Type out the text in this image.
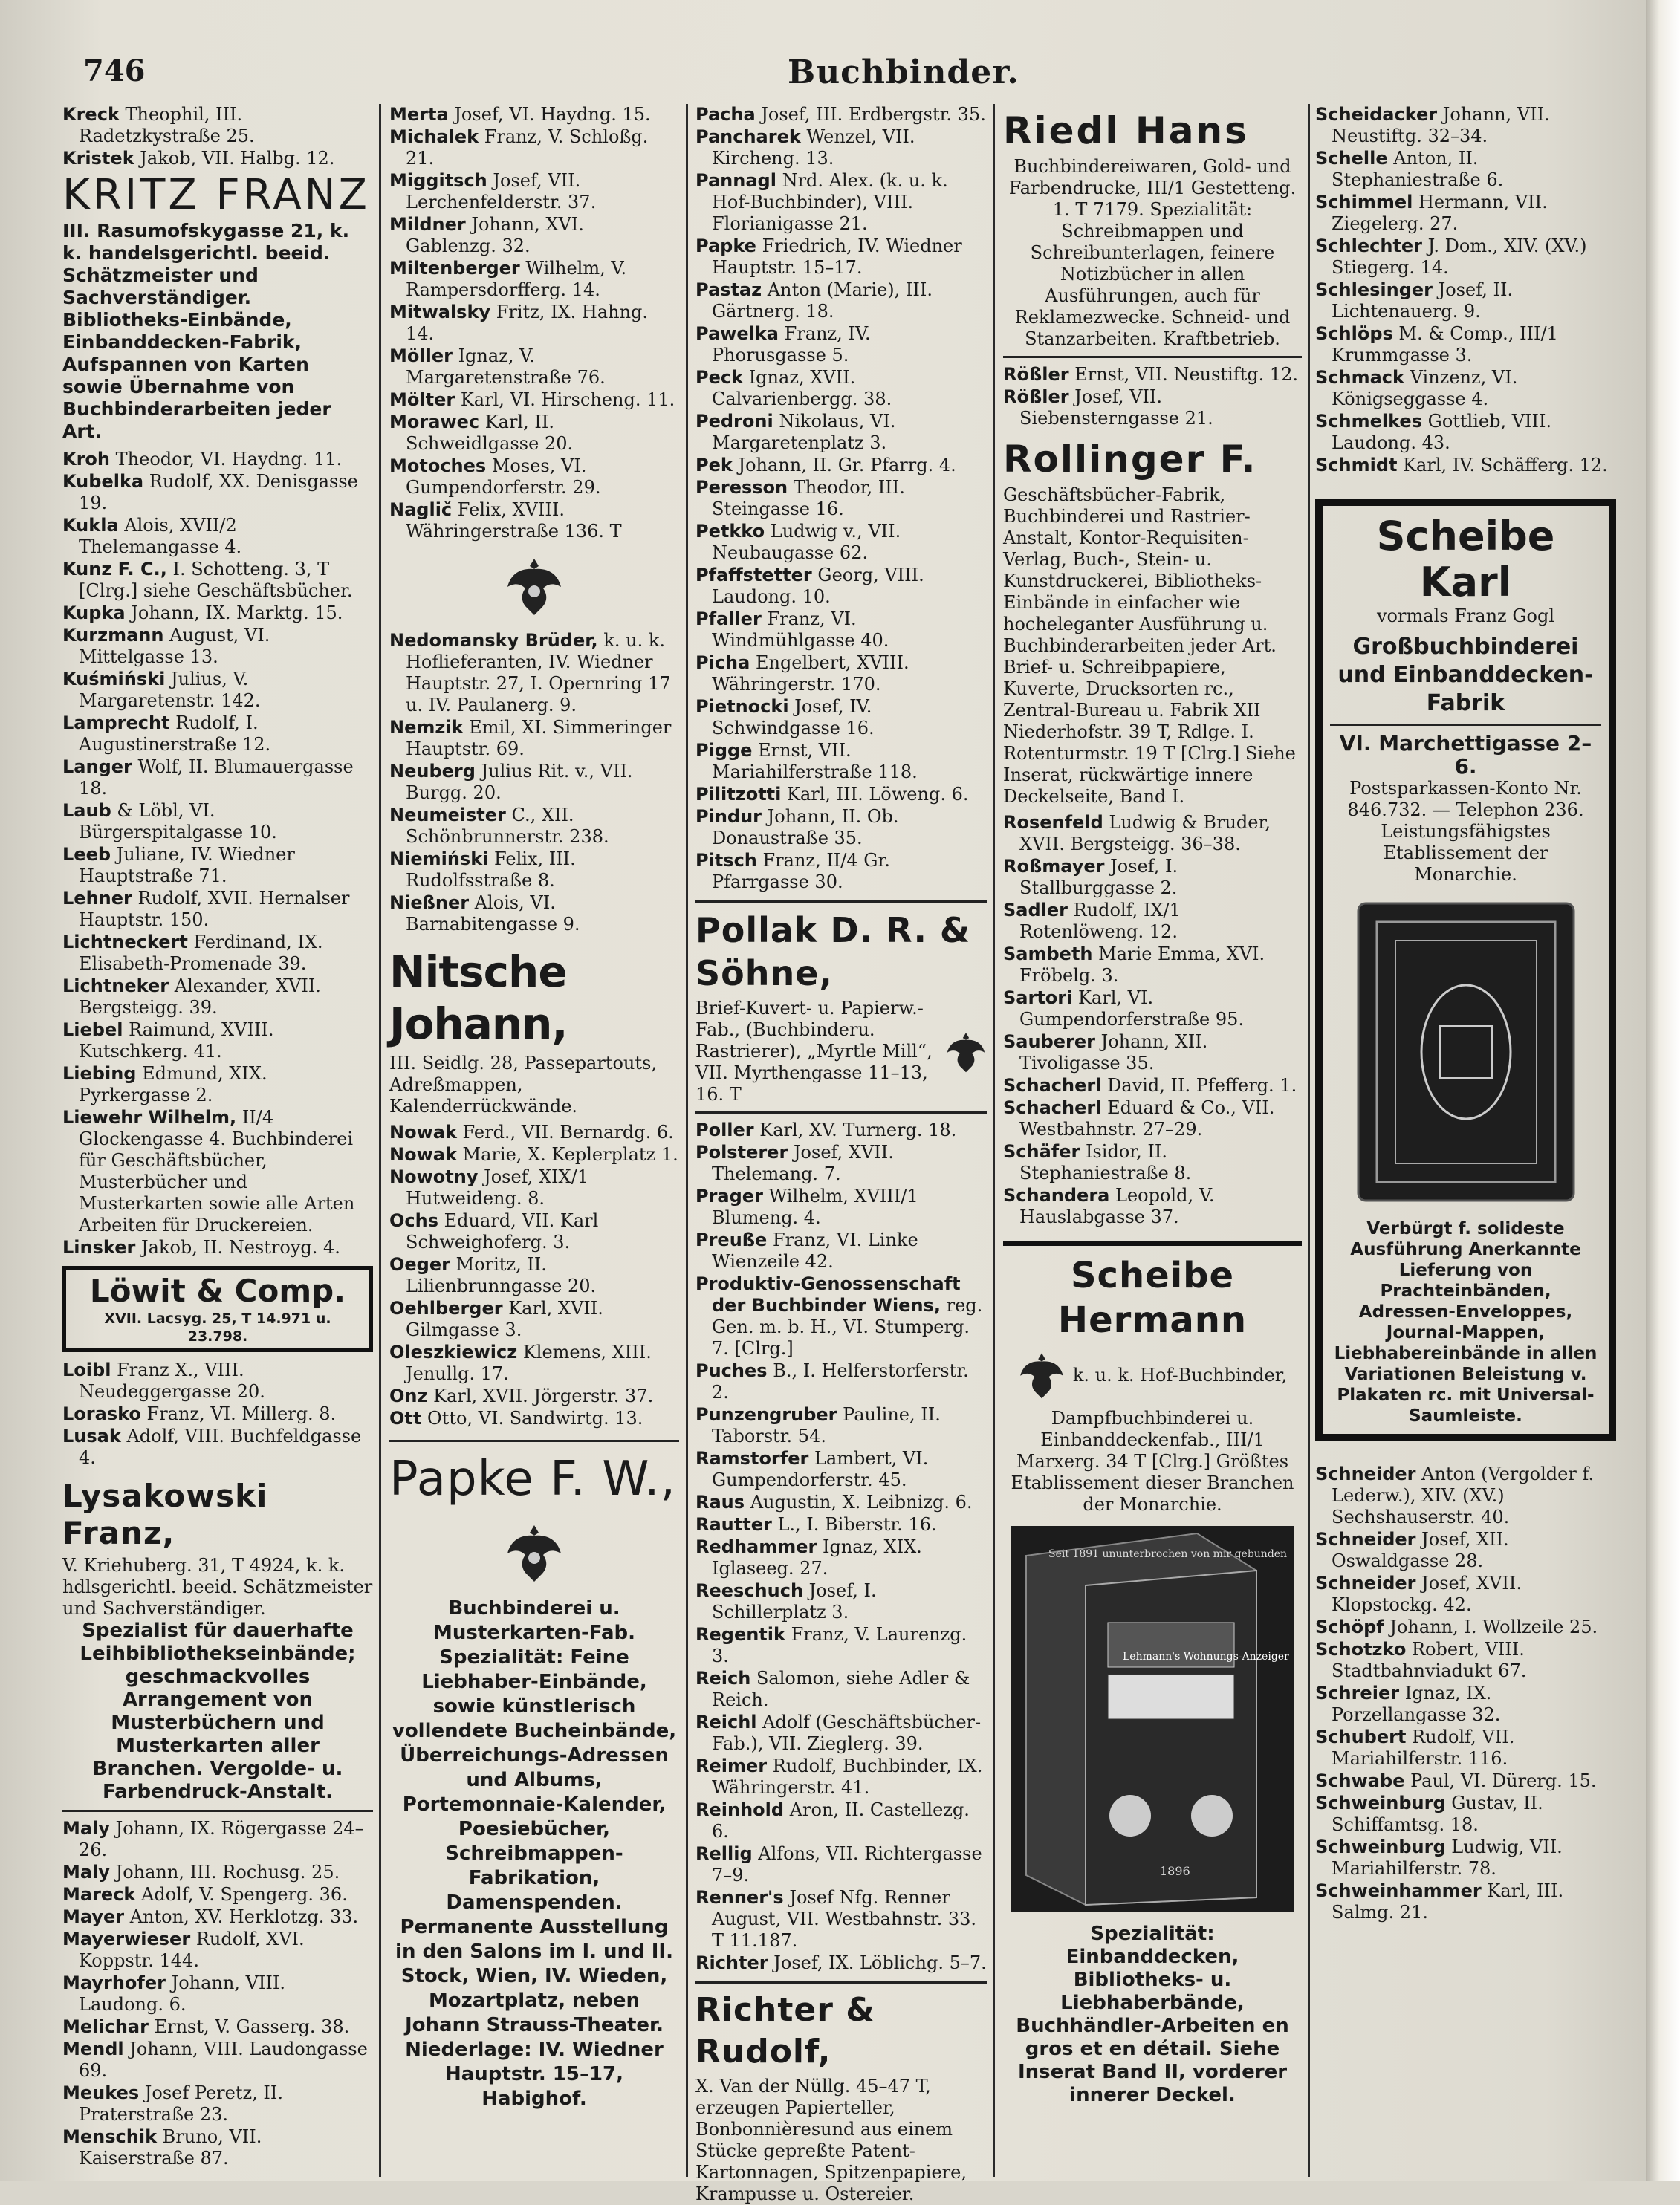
746	Buchbinder.
Kreck Theophil, III. Radetzkystraße 25.
Kristek Jakob, VII. Halbg. 12.
KRITZ FRANZ
III. Rasumofskygasse 21, k. k. handelsgerichtl. beeid. Schätzmeister und Sachverständiger. Bibliotheks-Einbände, Einbanddecken-Fabrik, Aufspannen von Karten sowie Übernahme von Buchbinderarbeiten jeder Art.
Kroh Theodor, VI. Haydng. 11.
Kubelka Rudolf, XX. Denisgasse 19.
Kukla Alois, XVII/2 Thelemangasse 4.
Kunz F. C., I. Schotteng. 3, T [Clrg.] siehe Geschäftsbücher.
Kupka Johann, IX. Marktg. 15.
Kurzmann August, VI. Mittelgasse 13.
Kuśmiński Julius, V. Margaretenstr. 142.
Lamprecht Rudolf, I. Augustinerstraße 12.
Langer Wolf, II. Blumauergasse 18.
Laub & Löbl, VI. Bürgerspitalgasse 10.
Leeb Juliane, IV. Wiedner Hauptstraße 71.
Lehner Rudolf, XVII. Hernalser Hauptstr. 150.
Lichtneckert Ferdinand, IX. Elisabeth-Promenade 39.
Lichtneker Alexander, XVII. Bergsteigg. 39.
Liebel Raimund, XVIII. Kutschkerg. 41.
Liebing Edmund, XIX. Pyrkergasse 2.
Liewehr Wilhelm, II/4 Glockengasse 4. Buchbinderei für Geschäftsbücher, Musterbücher und Musterkarten sowie alle Arten Arbeiten für Druckereien.
Linsker Jakob, II. Nestroyg. 4.
Löwit & Comp.
XVII. Lacsyg. 25, T 14.971 u. 23.798.
Loibl Franz X., VIII. Neudeggergasse 20.
Lorasko Franz, VI. Millerg. 8.
Lusak Adolf, VIII. Buchfeldgasse 4.
Lysakowski Franz,
V. Kriehuberg. 31, T 4924, k. k. hdlsgerichtl. beeid. Schätzmeister und Sachverständiger.
Spezialist für dauerhafte Leihbibliothekseinbände; geschmackvolles Arrangement von Musterbüchern und Musterkarten aller Branchen. Vergolde- u. Farbendruck-Anstalt.
Maly Johann, IX. Rögergasse 24–26.
Maly Johann, III. Rochusg. 25.
Mareck Adolf, V. Spengerg. 36.
Mayer Anton, XV. Herklotzg. 33.
Mayerwieser Rudolf, XVI. Koppstr. 144.
Mayrhofer Johann, VIII. Laudong. 6.
Melichar Ernst, V. Gasserg. 38.
Mendl Johann, VIII. Laudongasse 69.
Meukes Josef Peretz, II. Praterstraße 23.
Menschik Bruno, VII. Kaiserstraße 87.
Merta Josef, VI. Haydng. 15.
Michalek Franz, V. Schloßg. 21.
Miggitsch Josef, VII. Lerchenfelderstr. 37.
Mildner Johann, XVI. Gablenzg. 32.
Miltenberger Wilhelm, V. Rampersdorfferg. 14.
Mitwalsky Fritz, IX. Hahng. 14.
Möller Ignaz, V. Margaretenstraße 76.
Mölter Karl, VI. Hirscheng. 11.
Morawec Karl, II. Schweidlgasse 20.
Motoches Moses, VI. Gumpendorferstr. 29.
Naglič Felix, XVIII. Währingerstraße 136. T
Nedomansky Brüder, k. u. k. Hoflieferanten, IV. Wiedner Hauptstr. 27, I. Opernring 17 u. IV. Paulanerg. 9.
Nemzik Emil, XI. Simmeringer Hauptstr. 69.
Neuberg Julius Rit. v., VII. Burgg. 20.
Neumeister C., XII. Schönbrunnerstr. 238.
Niemiński Felix, III. Rudolfsstraße 8.
Nießner Alois, VI. Barnabitengasse 9.
Nitsche Johann,
III. Seidlg. 28, Passepartouts, Adreßmappen, Kalenderrückwände.
Nowak Ferd., VII. Bernardg. 6.
Nowak Marie, X. Keplerplatz 1.
Nowotny Josef, XIX/1 Hutweideng. 8.
Ochs Eduard, VII. Karl Schweighoferg. 3.
Oeger Moritz, II. Lilienbrunngasse 20.
Oehlberger Karl, XVII. Gilmgasse 3.
Oleszkiewicz Klemens, XIII. Jenullg. 17.
Onz Karl, XVII. Jörgerstr. 37.
Ott Otto, VI. Sandwirtg. 13.
Papke F. W.,
Buchbinderei u. Musterkarten-Fab. Spezialität: Feine Liebhaber-Einbände, sowie künstlerisch vollendete Bucheinbände, Überreichungs-Adressen und Albums, Portemonnaie-Kalender, Poesiebücher, Schreibmappen-Fabrikation, Damenspenden. Permanente Ausstellung in den Salons im I. und II. Stock, Wien, IV. Wieden, Mozartplatz, neben Johann Strauss-Theater. Niederlage: IV. Wiedner Hauptstr. 15–17, Habighof.
Pacha Josef, III. Erdbergstr. 35.
Pancharek Wenzel, VII. Kircheng. 13.
Pannagl Nrd. Alex. (k. u. k. Hof-Buchbinder), VIII. Florianigasse 21.
Papke Friedrich, IV. Wiedner Hauptstr. 15–17.
Pastaz Anton (Marie), III. Gärtnerg. 18.
Pawelka Franz, IV. Phorusgasse 5.
Peck Ignaz, XVII. Calvarienbergg. 38.
Pedroni Nikolaus, VI. Margaretenplatz 3.
Pek Johann, II. Gr. Pfarrg. 4.
Peresson Theodor, III. Steingasse 16.
Petkko Ludwig v., VII. Neubaugasse 62.
Pfaffstetter Georg, VIII. Laudong. 10.
Pfaller Franz, VI. Windmühlgasse 40.
Picha Engelbert, XVIII. Währingerstr. 170.
Pietnocki Josef, IV. Schwindgasse 16.
Pigge Ernst, VII. Mariahilferstraße 118.
Pilitzotti Karl, III. Löweng. 6.
Pindur Johann, II. Ob. Donaustraße 35.
Pitsch Franz, II/4 Gr. Pfarrgasse 30.
Pollak D. R. & Söhne,
Brief-Kuvert- u. Papierw.-Fab., (Buchbinderu. Rastrierer), „Myrtle Mill“, VII. Myrthengasse 11–13, 16. T
Poller Karl, XV. Turnerg. 18.
Polsterer Josef, XVII. Thelemang. 7.
Prager Wilhelm, XVIII/1 Blumeng. 4.
Preuße Franz, VI. Linke Wienzeile 42.
Produktiv-Genossenschaft der Buchbinder Wiens, reg. Gen. m. b. H., VI. Stumperg. 7. [Clrg.]
Puches B., I. Helferstorferstr. 2.
Punzengruber Pauline, II. Taborstr. 54.
Ramstorfer Lambert, VI. Gumpendorferstr. 45.
Raus Augustin, X. Leibnizg. 6.
Rautter L., I. Biberstr. 16.
Redhammer Ignaz, XIX. Iglaseeg. 27.
Reeschuch Josef, I. Schillerplatz 3.
Regentik Franz, V. Laurenzg. 3.
Reich Salomon, siehe Adler & Reich.
Reichl Adolf (Geschäftsbücher-Fab.), VII. Zieglerg. 39.
Reimer Rudolf, Buchbinder, IX. Währingerstr. 41.
Reinhold Aron, II. Castellezg. 6.
Rellig Alfons, VII. Richtergasse 7–9.
Renner's Josef Nfg. Renner August, VII. Westbahnstr. 33. T 11.187.
Richter Josef, IX. Löblichg. 5–7.
Richter & Rudolf,
X. Van der Nüllg. 45–47 T, erzeugen Papierteller, Bonbonnièresund aus einem Stücke gepreßte Patent-Kartonnagen, Spitzenpapiere, Krampusse u. Ostereier.
Riedl Hans
Buchbindereiwaren, Gold- und Farbendrucke, III/1 Gestetteng. 1. T 7179. Spezialität: Schreibmappen und Schreibunterlagen, feinere Notizbücher in allen Ausführungen, auch für Reklamezwecke. Schneid- und Stanzarbeiten. Kraftbetrieb.
Rößler Ernst, VII. Neustiftg. 12.
Rößler Josef, VII. Siebensterngasse 21.
Rollinger F.
Geschäftsbücher-Fabrik, Buchbinderei und Rastrier-Anstalt, Kontor-Requisiten-Verlag, Buch-, Stein- u. Kunstdruckerei, Bibliotheks-Einbände in einfacher wie hocheleganter Ausführung u. Buchbinderarbeiten jeder Art. Brief- u. Schreibpapiere, Kuverte, Drucksorten rc., Zentral-Bureau u. Fabrik XII Niederhofstr. 39 T, Rdlge. I. Rotenturmstr. 19 T [Clrg.] Siehe Inserat, rückwärtige innere Deckelseite, Band I.
Rosenfeld Ludwig & Bruder, XVII. Bergsteigg. 36–38.
Roßmayer Josef, I. Stallburggasse 2.
Sadler Rudolf, IX/1 Rotenlöweng. 12.
Sambeth Marie Emma, XVI. Fröbelg. 3.
Sartori Karl, VI. Gumpendorferstraße 95.
Sauberer Johann, XII. Tivoligasse 35.
Schacherl David, II. Pfefferg. 1.
Schacherl Eduard & Co., VII. Westbahnstr. 27–29.
Schäfer Isidor, II. Stephaniestraße 8.
Schandera Leopold, V. Hauslabgasse 37.
Scheibe Hermann
k. u. k. Hof-Buchbinder,
Dampfbuchbinderei u. Einbanddeckenfab., III/1 Marxerg. 34 T [Clrg.] Größtes Etablissement dieser Branchen der Monarchie.
Seit 1891 ununterbrochen von mir gebunden
Lehmann's Wohnungs-Anzeiger
1896
Spezialität: Einbanddecken, Bibliotheks- u. Liebhaberbände, Buchhändler-Arbeiten en gros et en détail. Siehe Inserat Band II, vorderer innerer Deckel.
Scheidacker Johann, VII. Neustiftg. 32–34.
Schelle Anton, II. Stephaniestraße 6.
Schimmel Hermann, VII. Ziegelerg. 27.
Schlechter J. Dom., XIV. (XV.) Stiegerg. 14.
Schlesinger Josef, II. Lichtenauerg. 9.
Schlöps M. & Comp., III/1 Krummgasse 3.
Schmack Vinzenz, VI. Königseggasse 4.
Schmelkes Gottlieb, VIII. Laudong. 43.
Schmidt Karl, IV. Schäfferg. 12.
Scheibe Karl
vormals Franz Gogl
Großbuchbinderei und Einbanddecken-Fabrik
VI. Marchettigasse 2–6.
Postsparkassen-Konto Nr. 846.732. — Telephon 236. Leistungsfähigstes Etablissement der Monarchie.
Verbürgt f. solideste Ausführung Anerkannte Lieferung von Prachteinbänden, Adressen-Enveloppes, Journal-Mappen, Liebhabereinbände in allen Variationen Beleistung v. Plakaten rc. mit Universal-Saumleiste.
Schneider Anton (Vergolder f. Lederw.), XIV. (XV.) Sechshauserstr. 40.
Schneider Josef, XII. Oswaldgasse 28.
Schneider Josef, XVII. Klopstockg. 42.
Schöpf Johann, I. Wollzeile 25.
Schotzko Robert, VIII. Stadtbahnviadukt 67.
Schreier Ignaz, IX. Porzellangasse 32.
Schubert Rudolf, VII. Mariahilferstr. 116.
Schwabe Paul, VI. Dürerg. 15.
Schweinburg Gustav, II. Schiffamtsg. 18.
Schweinburg Ludwig, VII. Mariahilferstr. 78.
Schweinhammer Karl, III. Salmg. 21.
